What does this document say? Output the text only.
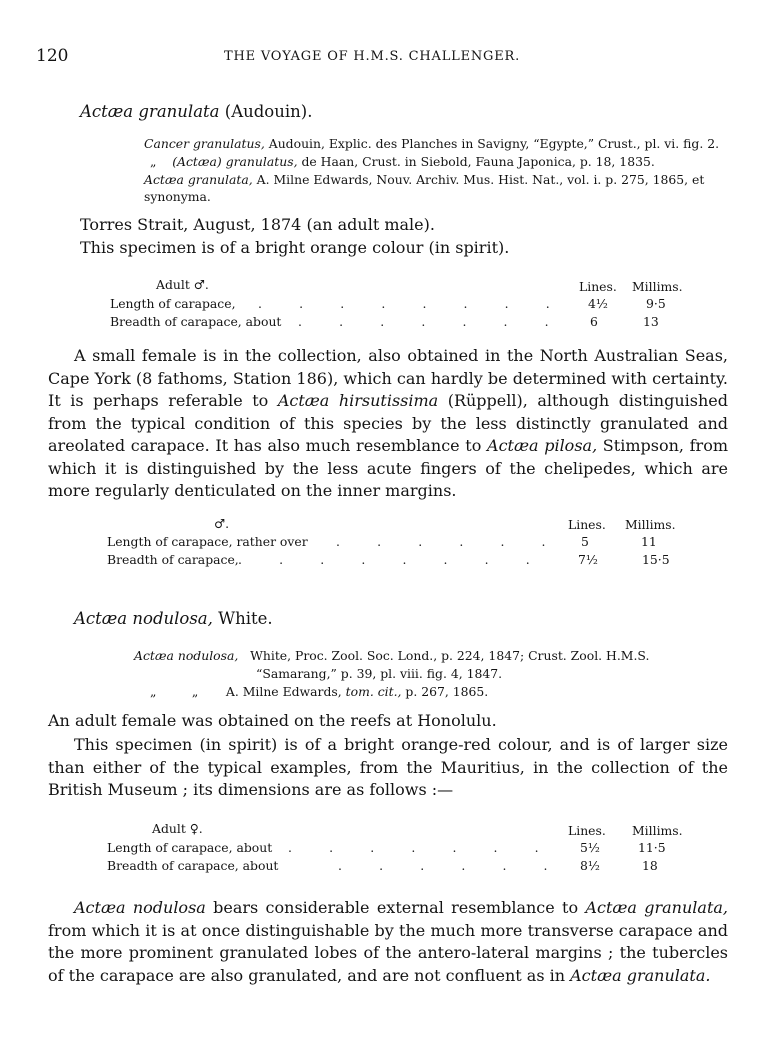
120	THE VOYAGE OF H.M.S. CHALLENGER.
Actæa granulata (Audouin).
Cancer granulatus, Audouin, Explic. des Planches in Savigny, “Egypte,” Crust., pl. vi. fig. 2.
„ (Actæa) granulatus, de Haan, Crust. in Siebold, Fauna Japonica, p. 18, 1835.
Actæa granulata, A. Milne Edwards, Nouv. Archiv. Mus. Hist. Nat., vol. i. p. 275, 1865, et
synonyma.
Torres Strait, August, 1874 (an adult male).
This specimen is of a bright orange colour (in spirit).
Adult ♂.	Lines. Millims.
Length of carapace, .   .   .   .   .   .   .   .	4½	9·5
Breadth of carapace, about .   .   .   .   .   .   .	6	13
A small female is in the collection, also obtained in the North Australian Seas, Cape York (8 fathoms, Station 186), which can hardly be determined with certainty. It is perhaps referable to Actæa hirsutissima (Rüppell), although distinguished from the typical condition of this species by the less distinctly granulated and areolated carapace. It has also much resemblance to Actæa pilosa, Stimpson, from which it is distinguished by the less acute fingers of the chelipedes, which are more regularly denticulated on the inner margins.
♂.	Lines. Millims.
Length of carapace, rather over .   .   .   .   .   .	5	11
Breadth of carapace, .   .   .   .   .   .   .   .	7½	15·5
Actæa nodulosa, White.
Actæa nodulosa, White, Proc. Zool. Soc. Lond., p. 224, 1847; Crust. Zool. H.M.S.
“Samarang,” p. 39, pl. viii. fig. 4, 1847.
„         „ A. Milne Edwards, tom. cit., p. 267, 1865.
An adult female was obtained on the reefs at Honolulu.
This specimen (in spirit) is of a bright orange-red colour, and is of larger size than either of the typical examples, from the Mauritius, in the collection of the British Museum ; its dimensions are as follows :—
Adult ♀.	Lines. Millims.
Length of carapace, about .   .   .   .   .   .   .	5½	11·5
Breadth of carapace, about	.   .   .   .   .   .	8½	18
Actæa nodulosa bears considerable external resemblance to Actæa granulata, from which it is at once distinguishable by the much more transverse carapace and the more prominent granulated lobes of the antero-lateral margins ; the tubercles of the carapace are also granulated, and are not confluent as in Actæa granulata.
